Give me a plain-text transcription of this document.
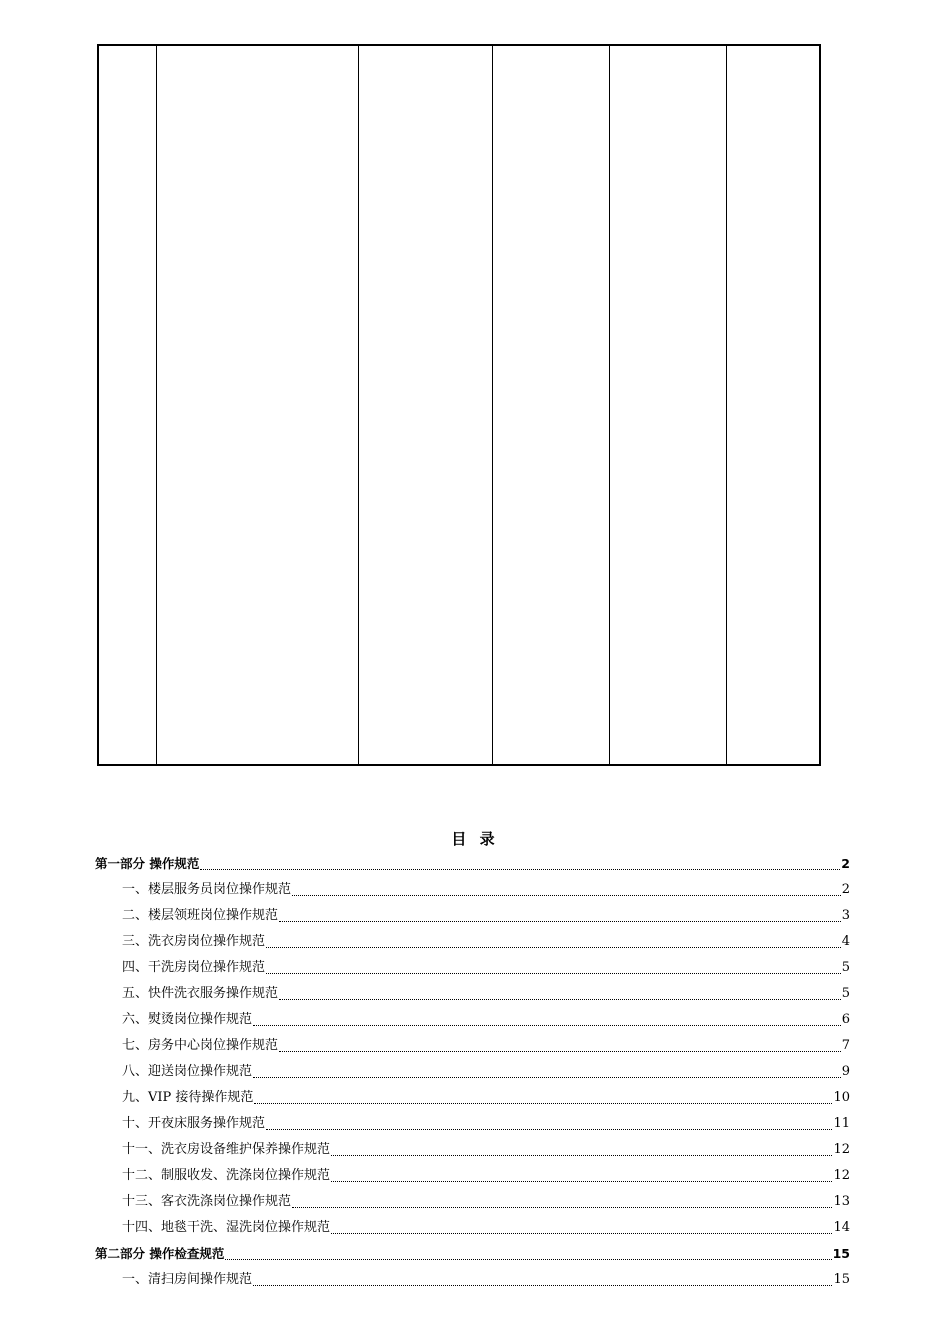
目 录
第一部分 操作规范	2
一、楼层服务员岗位操作规范	2
二、楼层领班岗位操作规范	3
三、洗衣房岗位操作规范	4
四、干洗房岗位操作规范	5
五、快件洗衣服务操作规范	5
六、熨烫岗位操作规范	6
七、房务中心岗位操作规范	7
八、迎送岗位操作规范	9
九、VIP 接待操作规范	10
十、开夜床服务操作规范	11
十一、洗衣房设备维护保养操作规范	12
十二、制服收发、洗涤岗位操作规范	12
十三、客衣洗涤岗位操作规范	13
十四、地毯干洗、湿洗岗位操作规范	14
第二部分 操作检查规范	15
一、清扫房间操作规范	15
